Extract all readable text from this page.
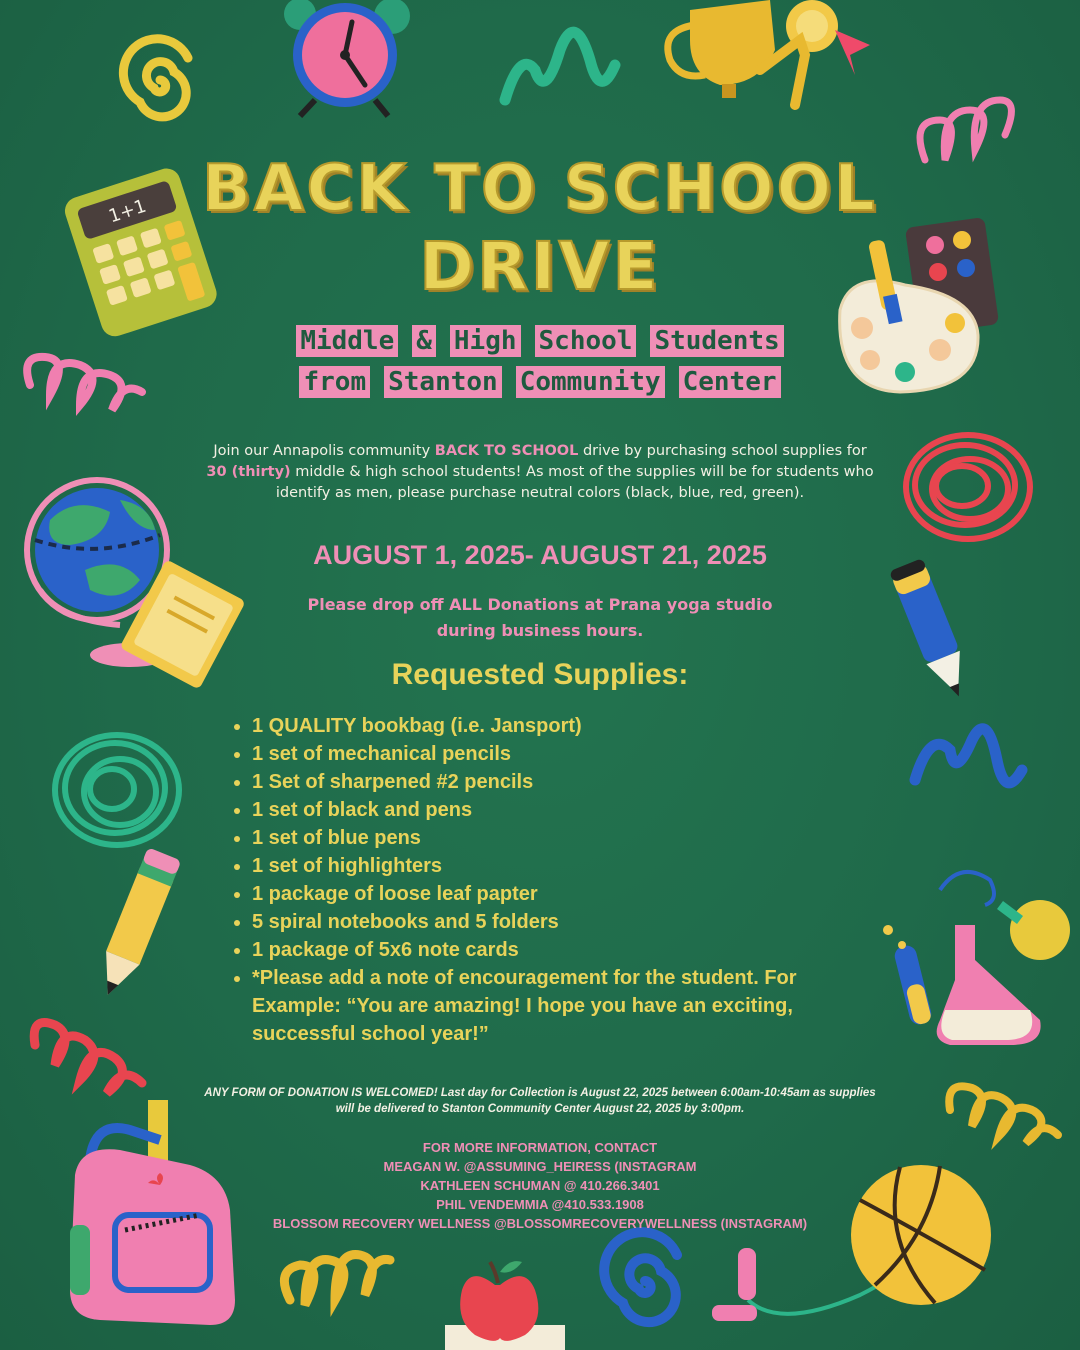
1+1 BACK TO SCHOOL
DRIVE
Middle & High School Students
from Stanton Community Center
Join our Annapolis community BACK TO SCHOOL drive by purchasing school supplies for 30 (thirty) middle & high school students! As most of the supplies will be for students who identify as men, please purchase neutral colors (black, blue, red, green).
AUGUST 1, 2025- AUGUST 21, 2025
Please drop off ALL Donations at Prana yoga studio during business hours.
Requested Supplies:
• 1 QUALITY bookbag (i.e. Jansport)
• 1 set of mechanical pencils
• 1 Set of sharpened #2 pencils
• 1 set of black and pens
• 1 set of blue pens
• 1 set of highlighters
• 1 package of loose leaf papter
• 5 spiral notebooks and 5 folders
• 1 package of 5x6 note cards
• *Please add a note of encouragement for the student. For Example: “You are amazing! I hope you have an exciting, successful school year!”
ANY FORM OF DONATION IS WELCOMED! Last day for Collection is August 22, 2025 between 6:00am-10:45am as supplies will be delivered to Stanton Community Center August 22, 2025 by 3:00pm.
FOR MORE INFORMATION, CONTACT
MEAGAN W. @ASSUMING_HEIRESS (INSTAGRAM
KATHLEEN SCHUMAN @ 410.266.3401
PHIL VENDEMMIA @410.533.1908
BLOSSOM RECOVERY WELLNESS @BLOSSOMRECOVERYWELLNESS (INSTAGRAM)
